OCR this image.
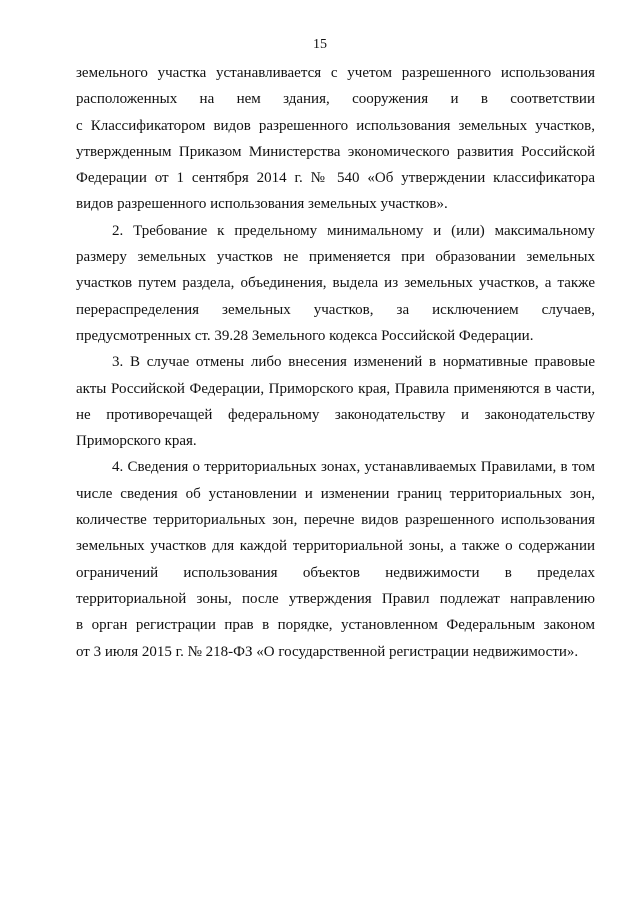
15
земельного участка устанавливается с учетом разрешенного использования
расположенных на нем здания, сооружения и в соответствии
с Классификатором видов разрешенного использования земельных участков,
утвержденным Приказом Министерства экономического развития Российской
Федерации от 1 сентября 2014 г. № 540 «Об утверждении классификатора
видов разрешенного использования земельных участков».
2. Требование к предельному минимальному и (или) максимальному
размеру земельных участков не применяется при образовании земельных
участков путем раздела, объединения, выдела из земельных участков, а также
перераспределения земельных участков, за исключением случаев,
предусмотренных ст. 39.28 Земельного кодекса Российской Федерации.
3. В случае отмены либо внесения изменений в нормативные правовые
акты Российской Федерации, Приморского края, Правила применяются в части,
не противоречащей федеральному законодательству и законодательству
Приморского края.
4. Сведения о территориальных зонах, устанавливаемых Правилами, в том
числе сведения об установлении и изменении границ территориальных зон,
количестве территориальных зон, перечне видов разрешенного использования
земельных участков для каждой территориальной зоны, а также о содержании
ограничений использования объектов недвижимости в пределах
территориальной зоны, после утверждения Правил подлежат направлению
в орган регистрации прав в порядке, установленном Федеральным законом
от 3 июля 2015 г. № 218-ФЗ «О государственной регистрации недвижимости».
